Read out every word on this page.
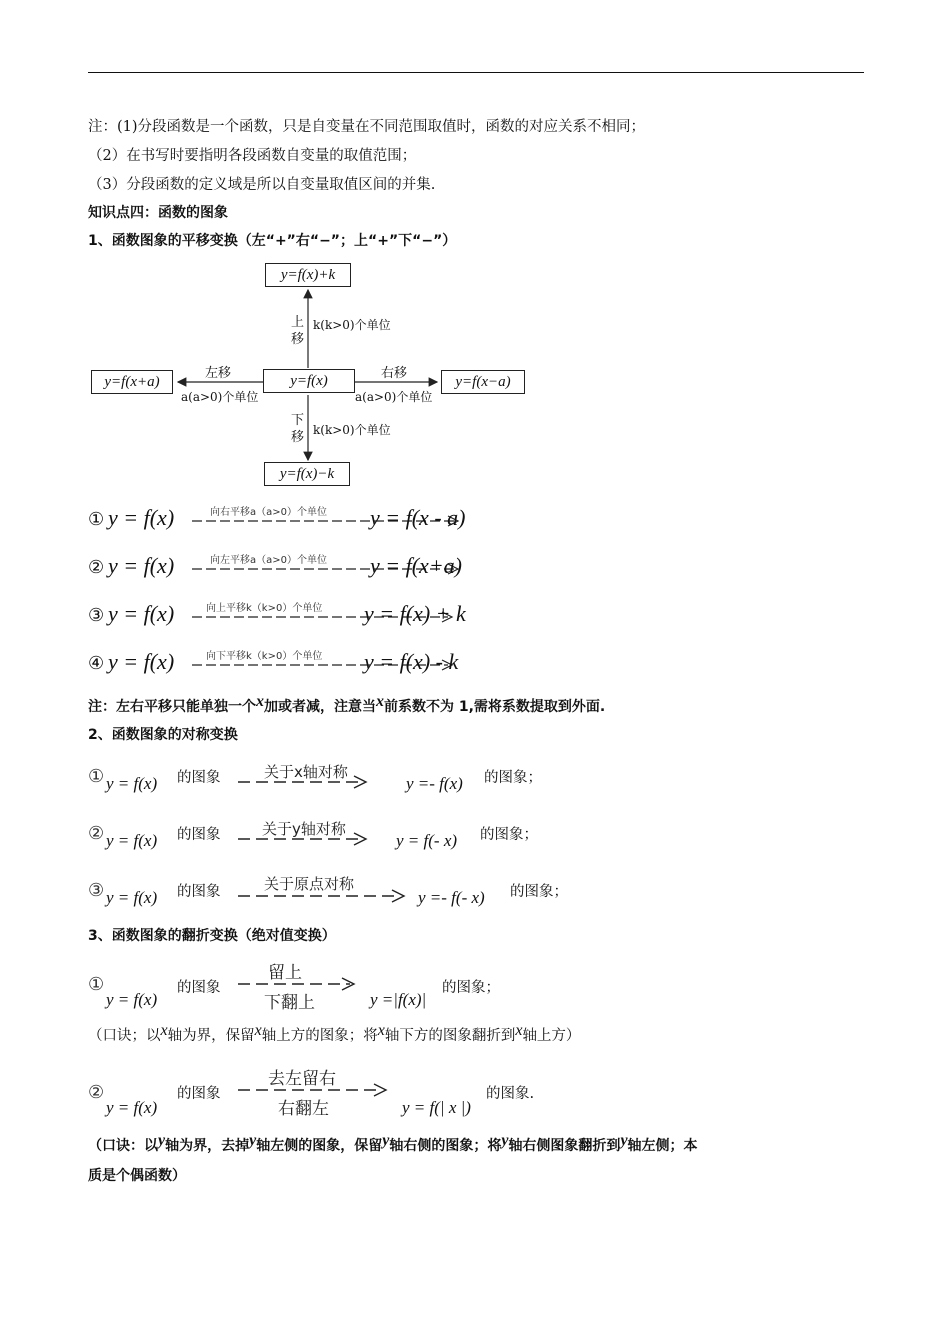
注：(1)分段函数是一个函数，只是自变量在不同范围取值时，函数的对应关系不相同；
（2）在书写时要指明各段函数自变量的取值范围；
（3）分段函数的定义域是所以自变量取值区间的并集.
知识点四：函数的图象
1、函数图象的平移变换（左“+”右“−”；上“+”下“−”）
y=f(x)+k
y=f(x)
y=f(x+a)	y=f(x−a)
y=f(x)−k
上
移
k(k>0)个单位
下
移 k(k>0)个单位
左移
a(a>0)个单位
右移
a(a>0)个单位
① y = f(x)	向右平移a（a>0）个单位 y = f(x - a)
② y = f(x)	向左平移a（a>0）个单位 y = f(x+a)
③ y = f(x)	向上平移k（k>0）个单位 y = f(x) + k
④ y = f(x)	向下平移k（k>0）个单位 y = f(x) - k
注：左右平移只能单独一个x加或者减，注意当x前系数不为 1,需将系数提取到外面.
2、函数图象的对称变换
① y = f(x) 的图象	关于x轴对称
y =- f(x) 的图象；
② y = f(x) 的图象	关于y轴对称
y = f(- x) 的图象；
③ y = f(x) 的图象	关于原点对称
y =- f(- x) 的图象；
3、函数图象的翻折变换（绝对值变换）
①
y = f(x)
的图象
留上
下翻上	y =|f(x)|
的图象；
（口诀；以x轴为界，保留x轴上方的图象；将x轴下方的图象翻折到x轴上方）
②
y = f(x)
的图象
去左留右
右翻左	y = f(| x |)
的图象.
（口诀：以y轴为界，去掉y轴左侧的图象，保留y轴右侧的图象；将y轴右侧图象翻折到y轴左侧；本
质是个偶函数）
